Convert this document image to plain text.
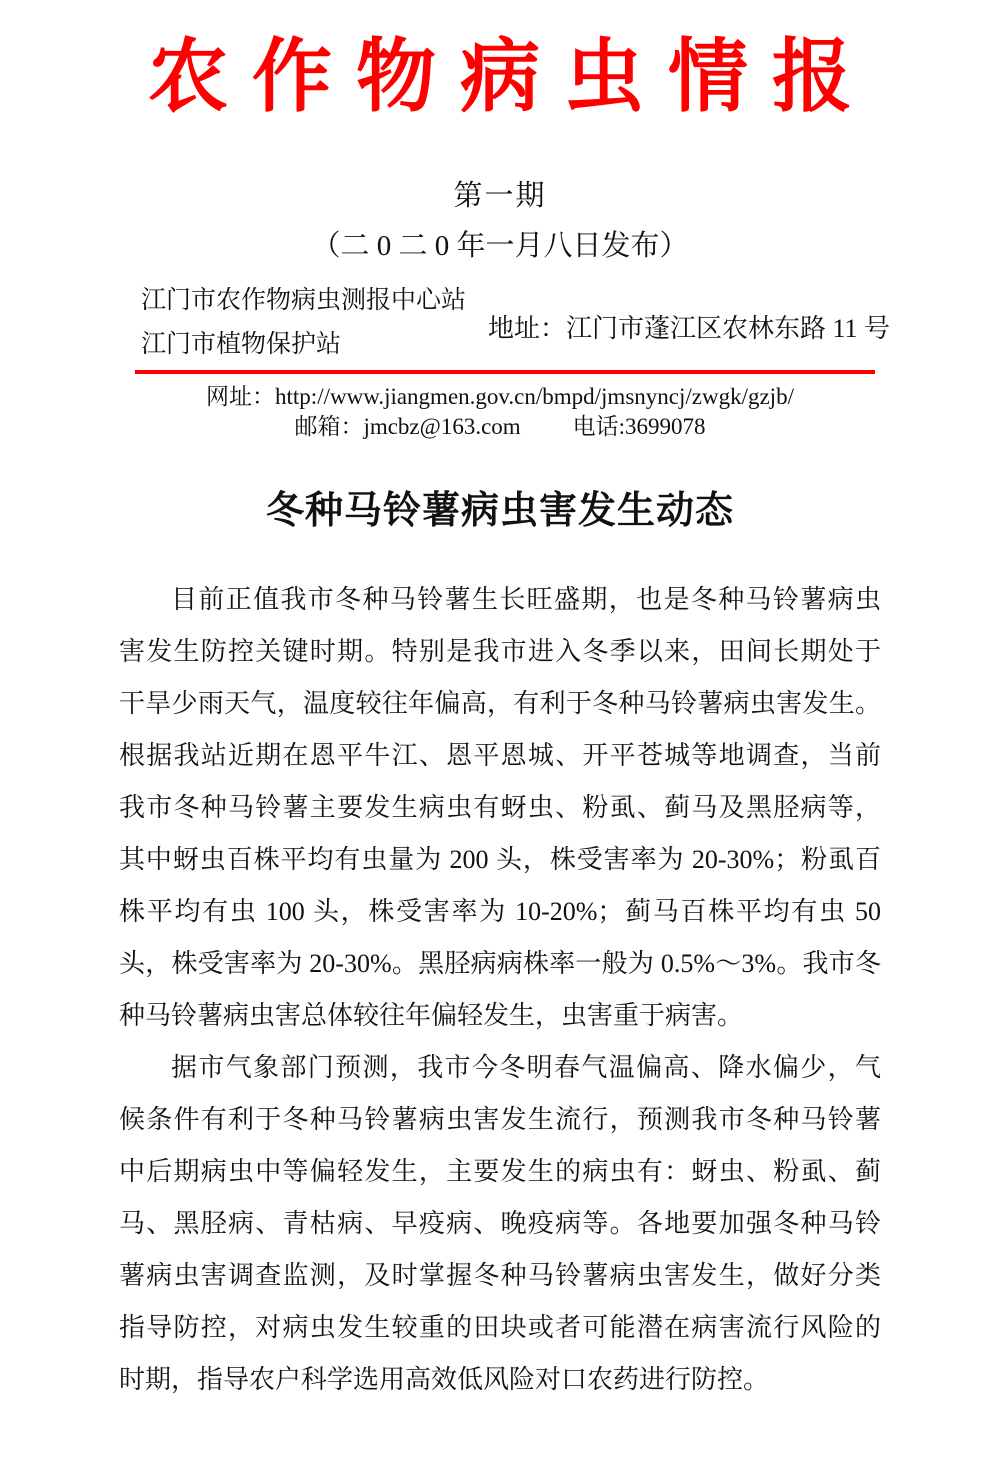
农作物病虫情报
第一期
（二 0 二 0 年一月八日发布）
江门市农作物病虫测报中心站
江门市植物保护站
地址：江门市蓬江区农林东路 11 号
网址：http://www.jiangmen.gov.cn/bmpd/jmsnyncj/zwgk/gzjb/
邮箱：jmcbz@163.com 电话:3699078
冬种马铃薯病虫害发生动态
目前正值我市冬种马铃薯生长旺盛期，也是冬种马铃薯病虫
害发生防控关键时期。特别是我市进入冬季以来，田间长期处于
干旱少雨天气，温度较往年偏高，有利于冬种马铃薯病虫害发生。
根据我站近期在恩平牛江、恩平恩城、开平苍城等地调查，当前
我市冬种马铃薯主要发生病虫有蚜虫、粉虱、蓟马及黑胫病等，
其中蚜虫百株平均有虫量为 200 头，株受害率为 20-30%；粉虱百
株平均有虫 100 头，株受害率为 10-20%；蓟马百株平均有虫 50
头，株受害率为 20-30%。黑胫病病株率一般为 0.5%～3%。我市冬
种马铃薯病虫害总体较往年偏轻发生，虫害重于病害。
据市气象部门预测，我市今冬明春气温偏高、降水偏少，气
候条件有利于冬种马铃薯病虫害发生流行，预测我市冬种马铃薯
中后期病虫中等偏轻发生，主要发生的病虫有：蚜虫、粉虱、蓟
马、黑胫病、青枯病、早疫病、晚疫病等。各地要加强冬种马铃
薯病虫害调查监测，及时掌握冬种马铃薯病虫害发生，做好分类
指导防控，对病虫发生较重的田块或者可能潜在病害流行风险的
时期，指导农户科学选用高效低风险对口农药进行防控。
